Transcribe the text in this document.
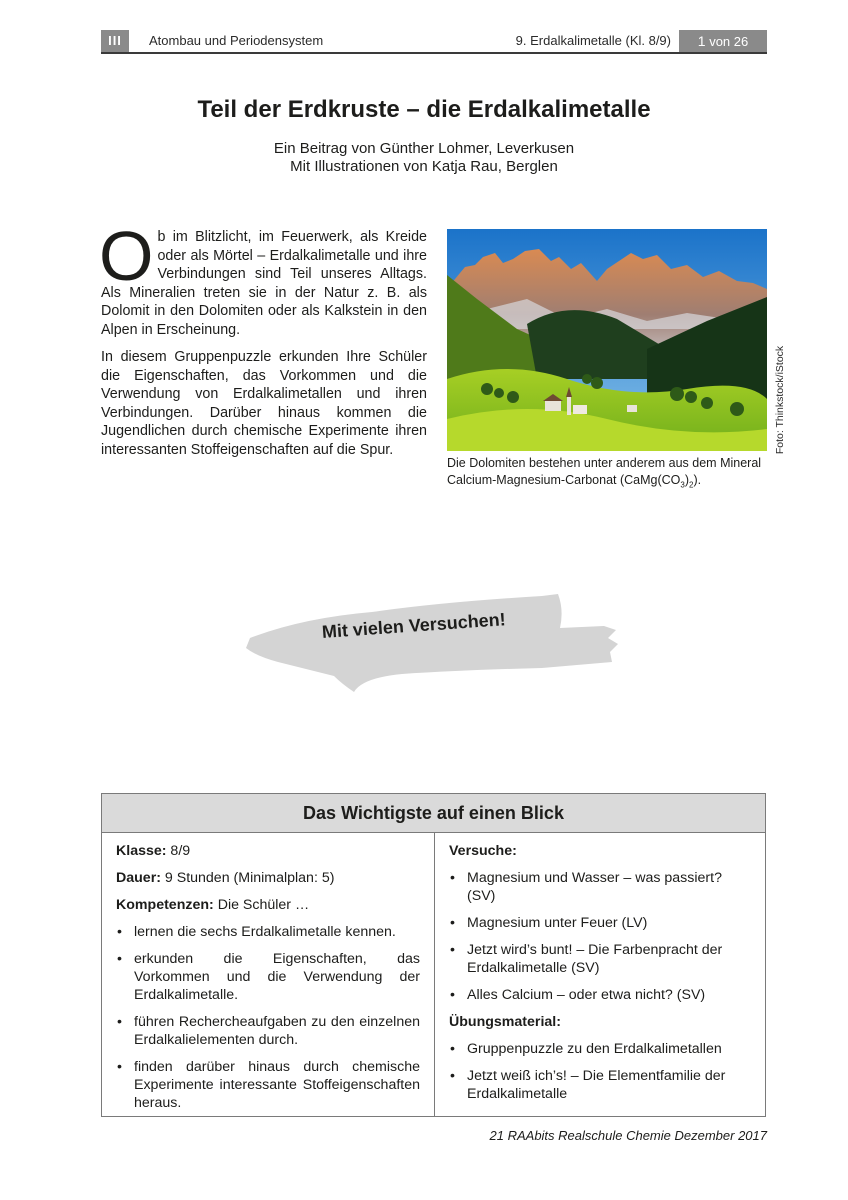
III	Atombau und Periodensystem	9. Erdalkalimetalle (Kl. 8/9)	1 von 26
Teil der Erdkruste – die Erdalkalimetalle
Ein Beitrag von Günther Lohmer, Leverkusen
Mit Illustrationen von Katja Rau, Berglen

Ob im Blitzlicht, im Feuerwerk, als Kreide oder als Mörtel – Erdalkalimetalle und ihre Verbindungen sind Teil unseres Alltags. Als Mineralien treten sie in der Natur z. B. als Dolomit in den Dolomiten oder als Kalkstein in den Alpen in Erscheinung.

In diesem Gruppenpuzzle erkunden Ihre Schüler die Eigenschaften, das Vorkommen und die Verwendung von Erdalkalimetallen und ihren Verbindungen. Darüber hinaus kommen die Jugendlichen durch chemische Experimente ihren interessanten Stoffeigenschaften auf die Spur.

Die Dolomiten bestehen unter anderem aus dem Mineral Calcium-Magnesium-Carbonat $(CaMg(CO_3)_2)$.
Foto: Thinkstock/iStock
Mit vielen Versuchen!
Das Wichtigste auf einen Blick
Klasse: 8/9
Dauer: 9 Stunden (Minimalplan: 5)
Kompetenzen: Die Schüler …
• lernen die sechs Erdalkalimetalle kennen.
• erkunden die Eigenschaften, das Vorkommen und die Verwendung der Erdalkalimetalle.
• führen Rechercheaufgaben zu den einzelnen Erdalkalielementen durch.
• finden darüber hinaus durch chemische Experimente interessante Stoffeigenschaften heraus.
Versuche:
• Magnesium und Wasser – was passiert? (SV)
• Magnesium unter Feuer (LV)
• Jetzt wird’s bunt! – Die Farbenpracht der Erdalkalimetalle (SV)
• Alles Calcium – oder etwa nicht? (SV)
Übungsmaterial:
• Gruppenpuzzle zu den Erdalkalimetallen
• Jetzt weiß ich’s! – Die Elementfamilie der Erdalkalimetalle
21 RAAbits Realschule Chemie Dezember 2017
